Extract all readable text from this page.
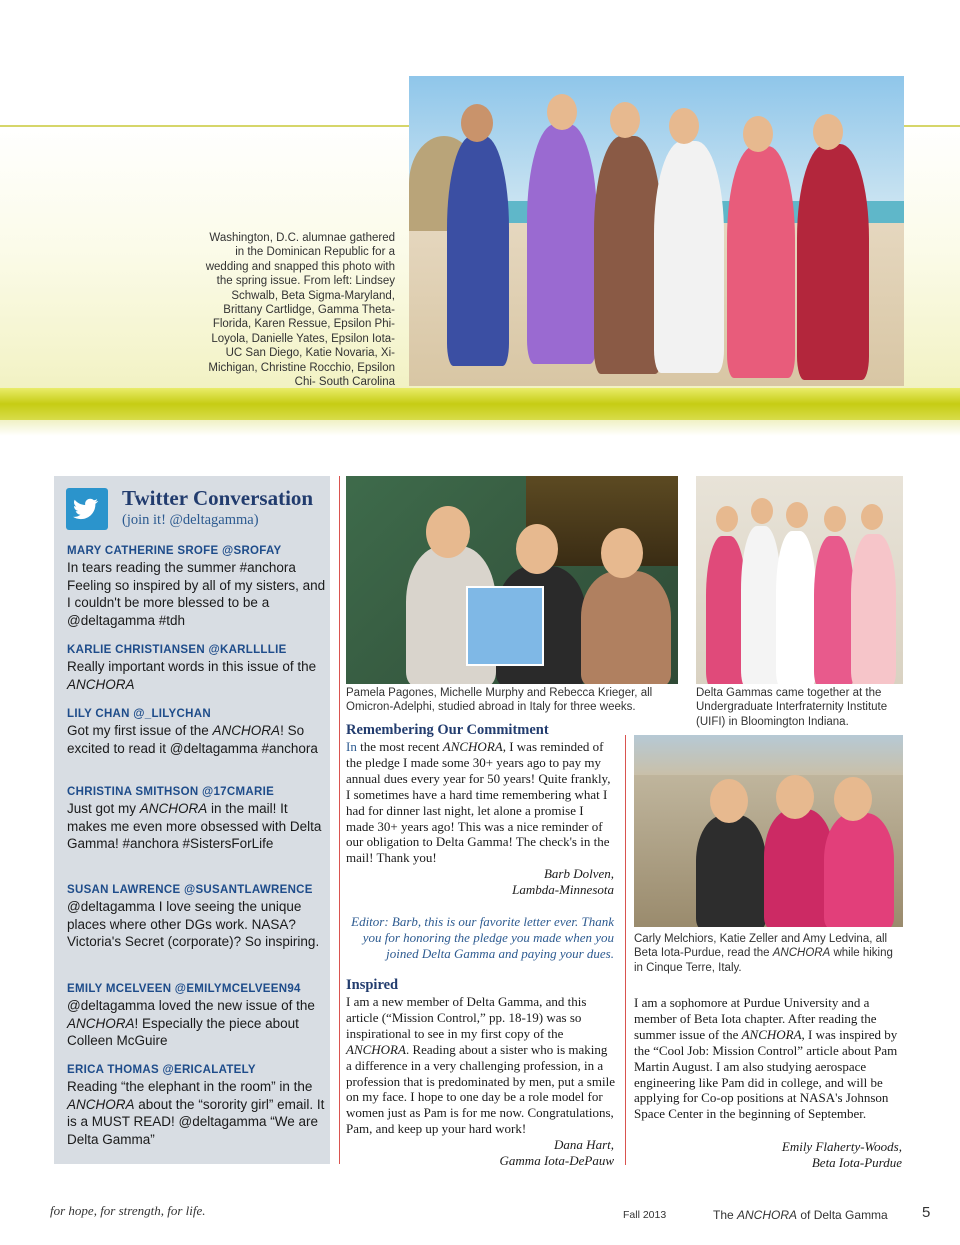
Washington, D.C. alumnae gathered in the Dominican Republic for a wedding and snapped this photo with the spring issue. From left: Lindsey Schwalb, Beta Sigma-Maryland, Brittany Cartlidge, Gamma Theta-Florida, Karen Ressue, Epsilon Phi-Loyola, Danielle Yates, Epsilon Iota-UC San Diego, Katie Novaria, Xi-Michigan, Christine Rocchio, Epsilon Chi- South Carolina
Twitter Conversation
(join it! @deltagamma)
MARY CATHERINE SROFE @SROFAY
In tears reading the summer #anchora Feeling so inspired by all of my sisters, and I couldn't be more blessed to be a @deltagamma #tdh
KARLIE CHRISTIANSEN @KARLLLLIE
Really important words in this issue of the ANCHORA
LILY CHAN @_LILYCHAN
Got my first issue of the ANCHORA! So excited to read it @deltagamma #anchora
CHRISTINA SMITHSON @17CMARIE
Just got my ANCHORA in the mail! It makes me even more obsessed with Delta Gamma! #anchora #SistersForLife
SUSAN LAWRENCE @SUSANTLAWRENCE
@deltagamma I love seeing the unique places where other DGs work. NASA? Victoria's Secret (corporate)? So inspiring.
EMILY MCELVEEN @EMILYMCELVEEN94
@deltagamma loved the new issue of the ANCHORA! Especially the piece about Colleen McGuire
ERICA THOMAS @ERICALATELY
Reading “the elephant in the room” in the ANCHORA about the “sorority girl” email. It is a MUST READ! @deltagamma “We are Delta Gamma”
Pamela Pagones, Michelle Murphy and Rebecca Krieger, all Omicron-Adelphi, studied abroad in Italy for three weeks.
Delta Gammas came together at the Undergraduate Interfraternity Institute (UIFI) in Bloomington Indiana.
Carly Melchiors, Katie Zeller and Amy Ledvina, all Beta Iota-Purdue, read the ANCHORA while hiking in Cinque Terre, Italy.
Remembering Our Commitment
In the most recent ANCHORA, I was reminded of the pledge I made some 30+ years ago to pay my annual dues every year for 50 years! Quite frankly, I sometimes have a hard time remembering what I had for dinner last night, let alone a promise I made 30+ years ago! This was a nice reminder of our obligation to Delta Gamma! The check's in the mail! Thank you!
Barb Dolven,
Lambda-Minnesota
Editor: Barb, this is our favorite letter ever. Thank you for honoring the pledge you made when you joined Delta Gamma and paying your dues.
Inspired
I am a new member of Delta Gamma, and this article (“Mission Control,” pp. 18-19) was so inspirational to see in my first copy of the ANCHORA. Reading about a sister who is making a difference in a very challenging profession, in a profession that is predominated by men, put a smile on my face. I hope to one day be a role model for women just as Pam is for me now. Congratulations, Pam, and keep up your hard work!
Dana Hart,
Gamma Iota-DePauw
I am a sophomore at Purdue University and a member of Beta Iota chapter. After reading the summer issue of the ANCHORA, I was inspired by the “Cool Job: Mission Control” article about Pam Martin August. I am also studying aerospace engineering like Pam did in college, and will be applying for Co-op positions at NASA's Johnson Space Center in the beginning of September.
Emily Flaherty-Woods,
Beta Iota-Purdue
for hope, for strength, for life.	Fall 2013	The ANCHORA of Delta Gamma 5
